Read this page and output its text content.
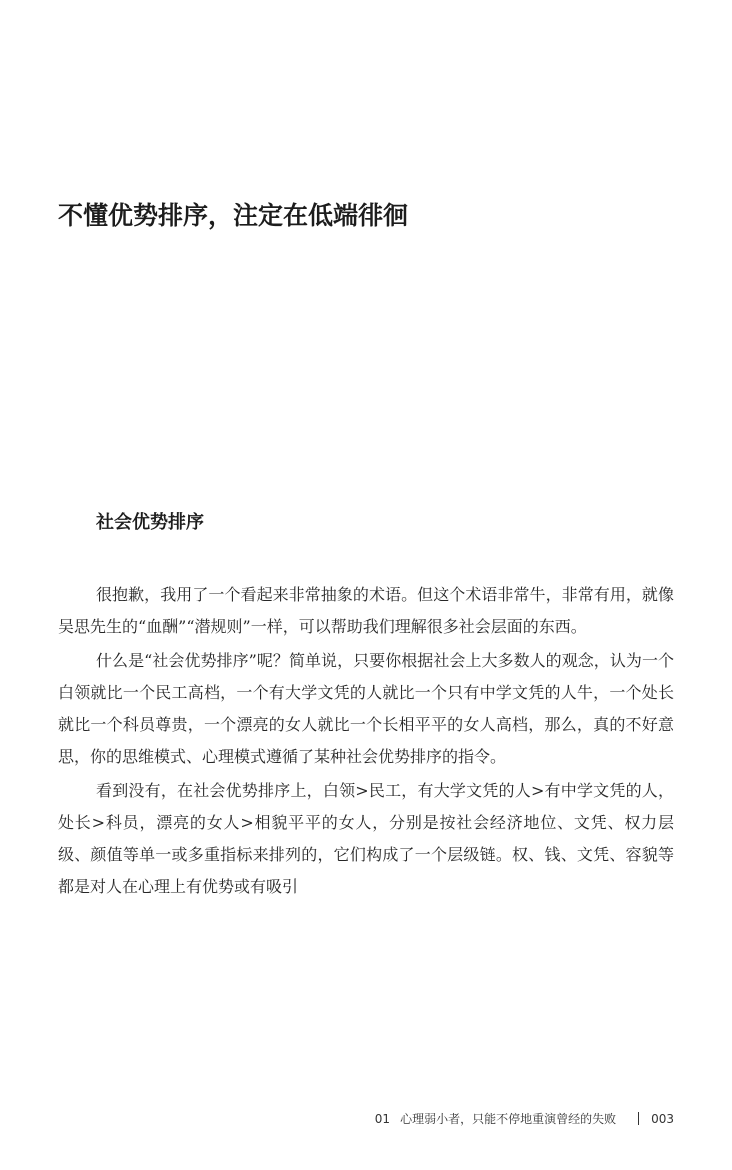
不懂优势排序，注定在低端徘徊
社会优势排序

很抱歉，我用了一个看起来非常抽象的术语。但这个术语非常牛，非常有用，就像吴思先生的“血酬”“潜规则”一样，可以帮助我们理解很多社会层面的东西。

什么是“社会优势排序”呢？简单说，只要你根据社会上大多数人的观念，认为一个白领就比一个民工高档，一个有大学文凭的人就比一个只有中学文凭的人牛，一个处长就比一个科员尊贵，一个漂亮的女人就比一个长相平平的女人高档，那么，真的不好意思，你的思维模式、心理模式遵循了某种社会优势排序的指令。

看到没有，在社会优势排序上，白领>民工，有大学文凭的人>有中学文凭的人，处长>科员，漂亮的女人>相貌平平的女人，分别是按社会经济地位、文凭、权力层级、颜值等单一或多重指标来排列的，它们构成了一个层级链。权、钱、文凭、容貌等都是对人在心理上有优势或有吸引

01 心理弱小者，只能不停地重演曾经的失败	003
